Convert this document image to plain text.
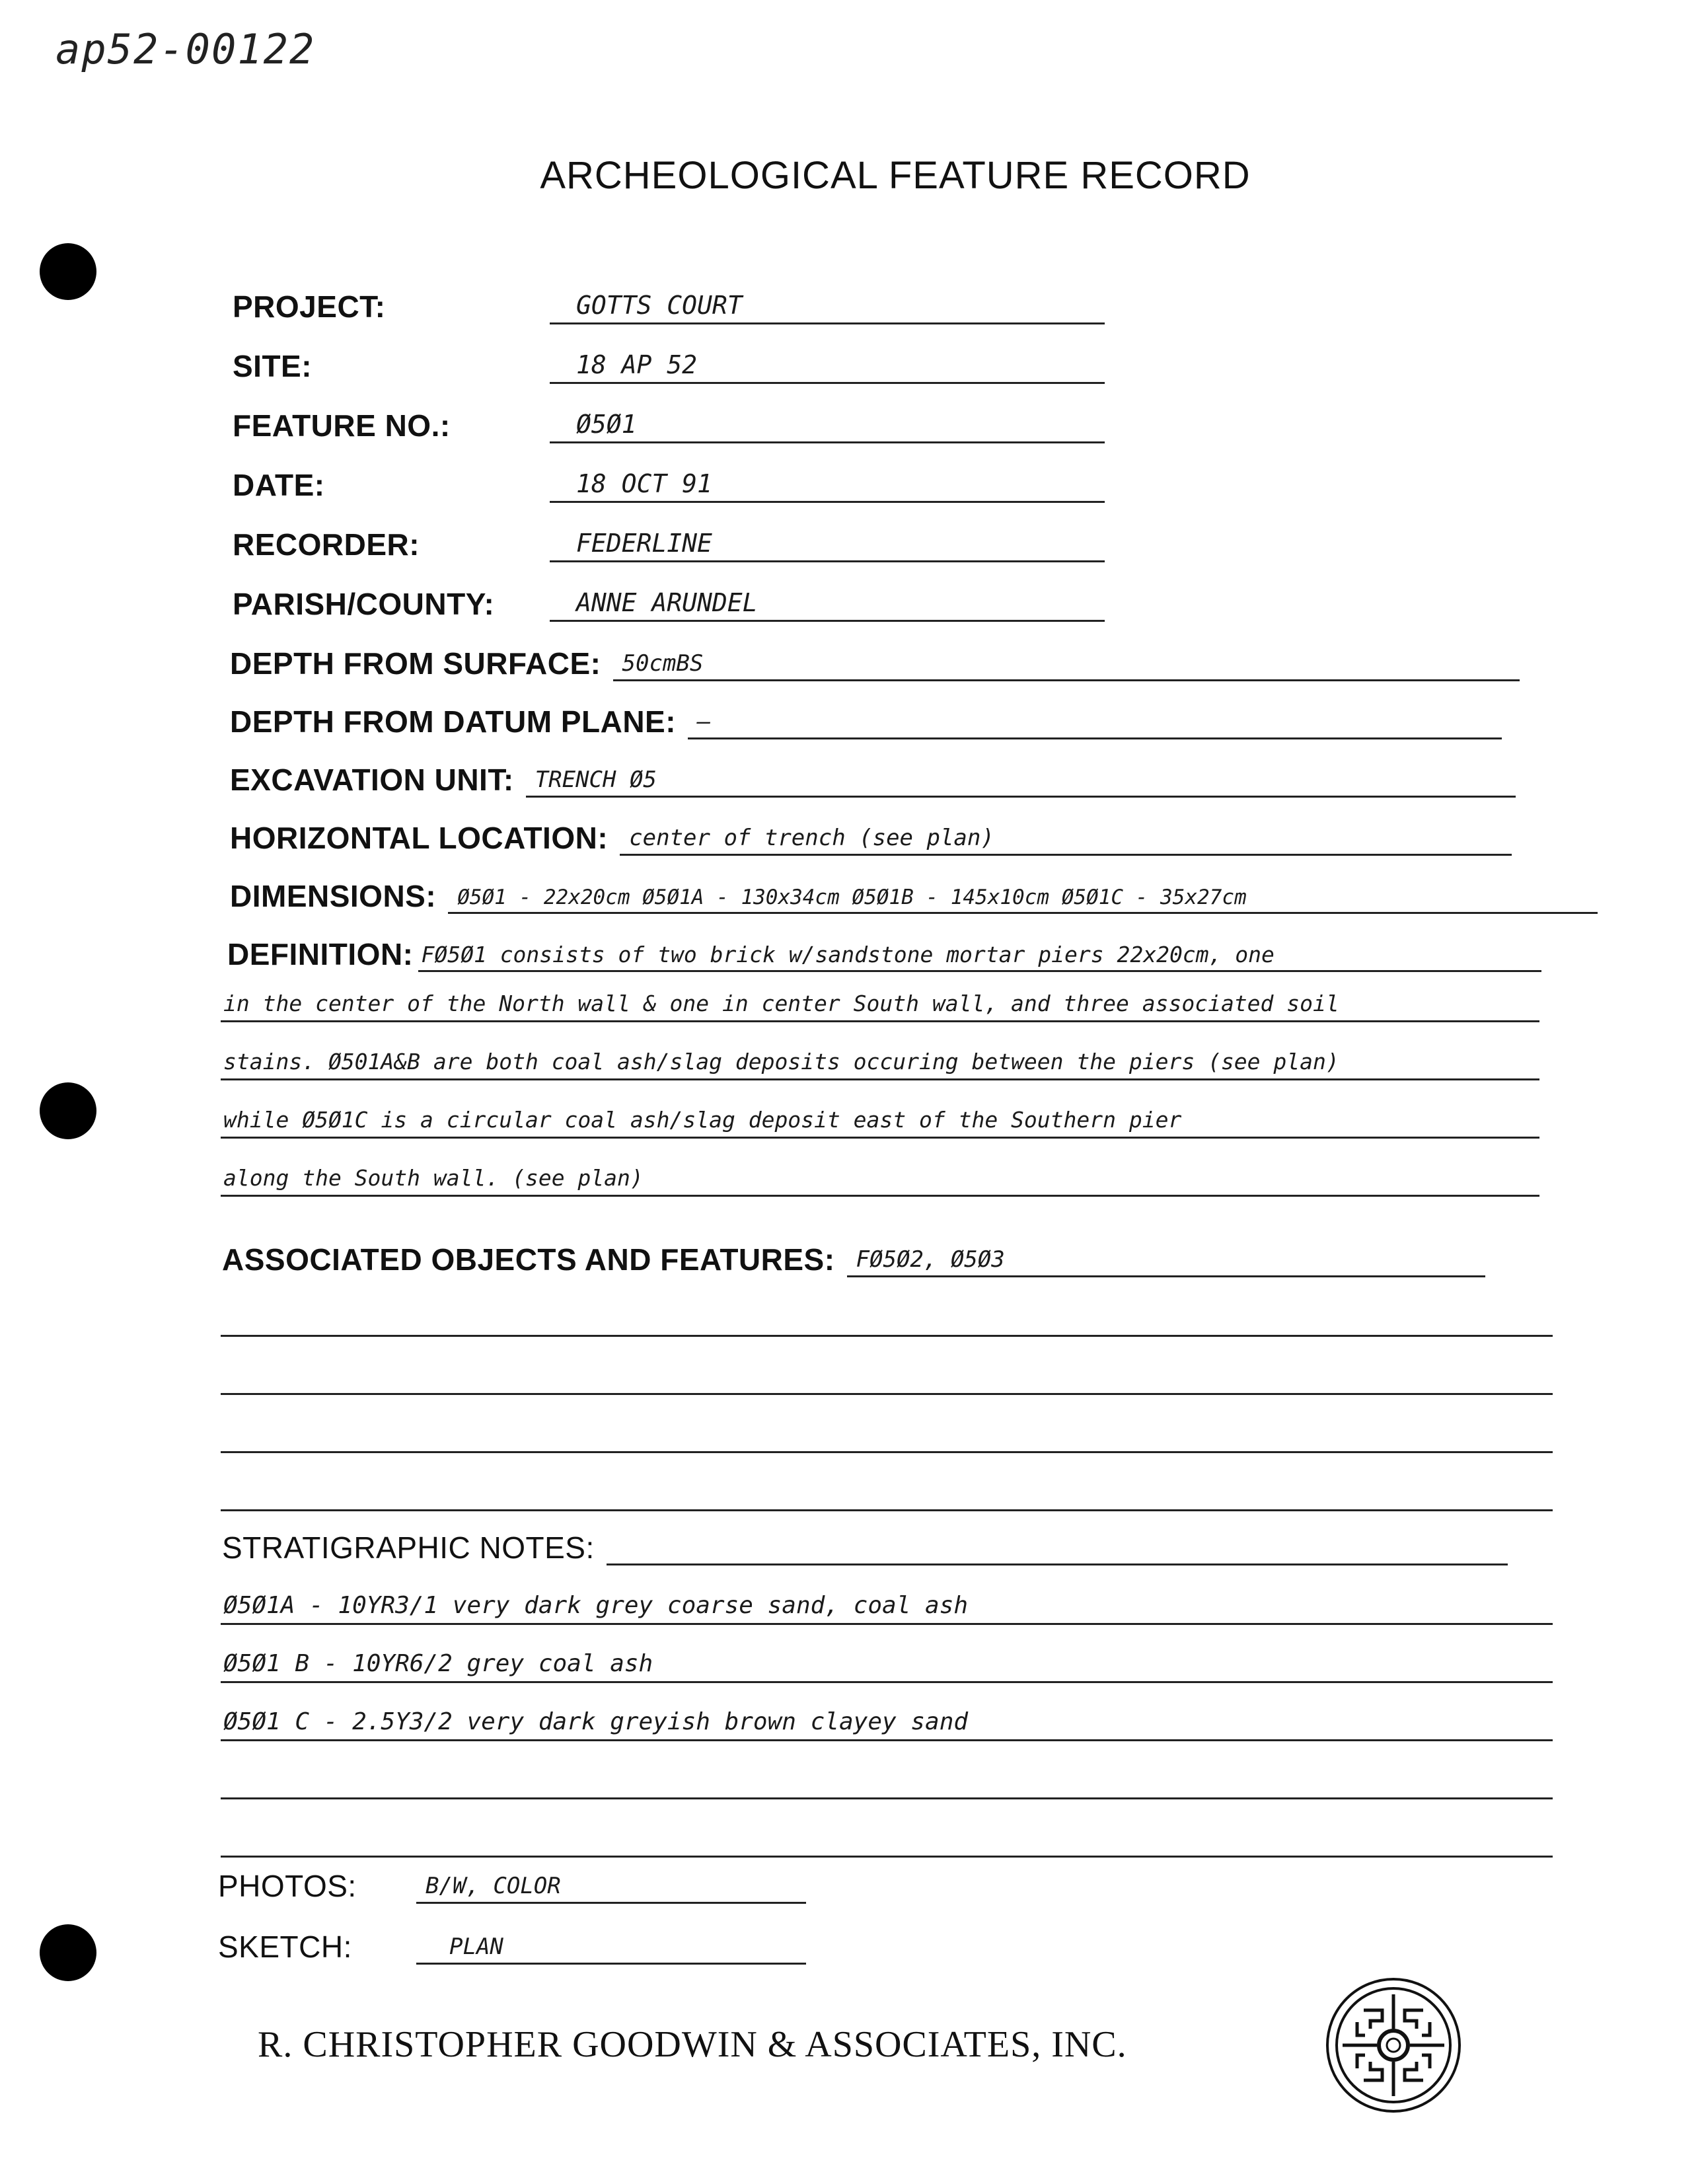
ap52-00122
ARCHEOLOGICAL FEATURE RECORD
PROJECT:	GOTTS COURT
SITE:	18 AP 52
FEATURE NO.:	Ø5Ø1
DATE:	18 OCT 91
RECORDER:	FEDERLINE
PARISH/COUNTY:	ANNE ARUNDEL
DEPTH FROM SURFACE: 50cmBS
DEPTH FROM DATUM PLANE: —
EXCAVATION UNIT: TRENCH Ø5
HORIZONTAL LOCATION: center of trench (see plan)
DIMENSIONS:	Ø5Ø1 - 22x20cm Ø5Ø1A - 130x34cm Ø5Ø1B - 145x10cm Ø5Ø1C - 35x27cm
DEFINITION: FØ5Ø1 consists of two brick w/sandstone mortar piers 22x20cm, one
in the center of the North wall & one in center South wall, and three associated soil
stains. Ø501A&B are both coal ash/slag deposits occuring between the piers (see plan)
while Ø5Ø1C is a circular coal ash/slag deposit east of the Southern pier
along the South wall. (see plan)
ASSOCIATED OBJECTS AND FEATURES: FØ5Ø2, Ø5Ø3
STRATIGRAPHIC NOTES:
Ø5Ø1A - 10YR3/1 very dark grey coarse sand, coal ash
Ø5Ø1 B - 10YR6/2 grey coal ash
Ø5Ø1 C - 2.5Y3/2 very dark greyish brown clayey sand
PHOTOS:	B/W, COLOR
SKETCH:	PLAN
R. CHRISTOPHER GOODWIN & ASSOCIATES, INC.
